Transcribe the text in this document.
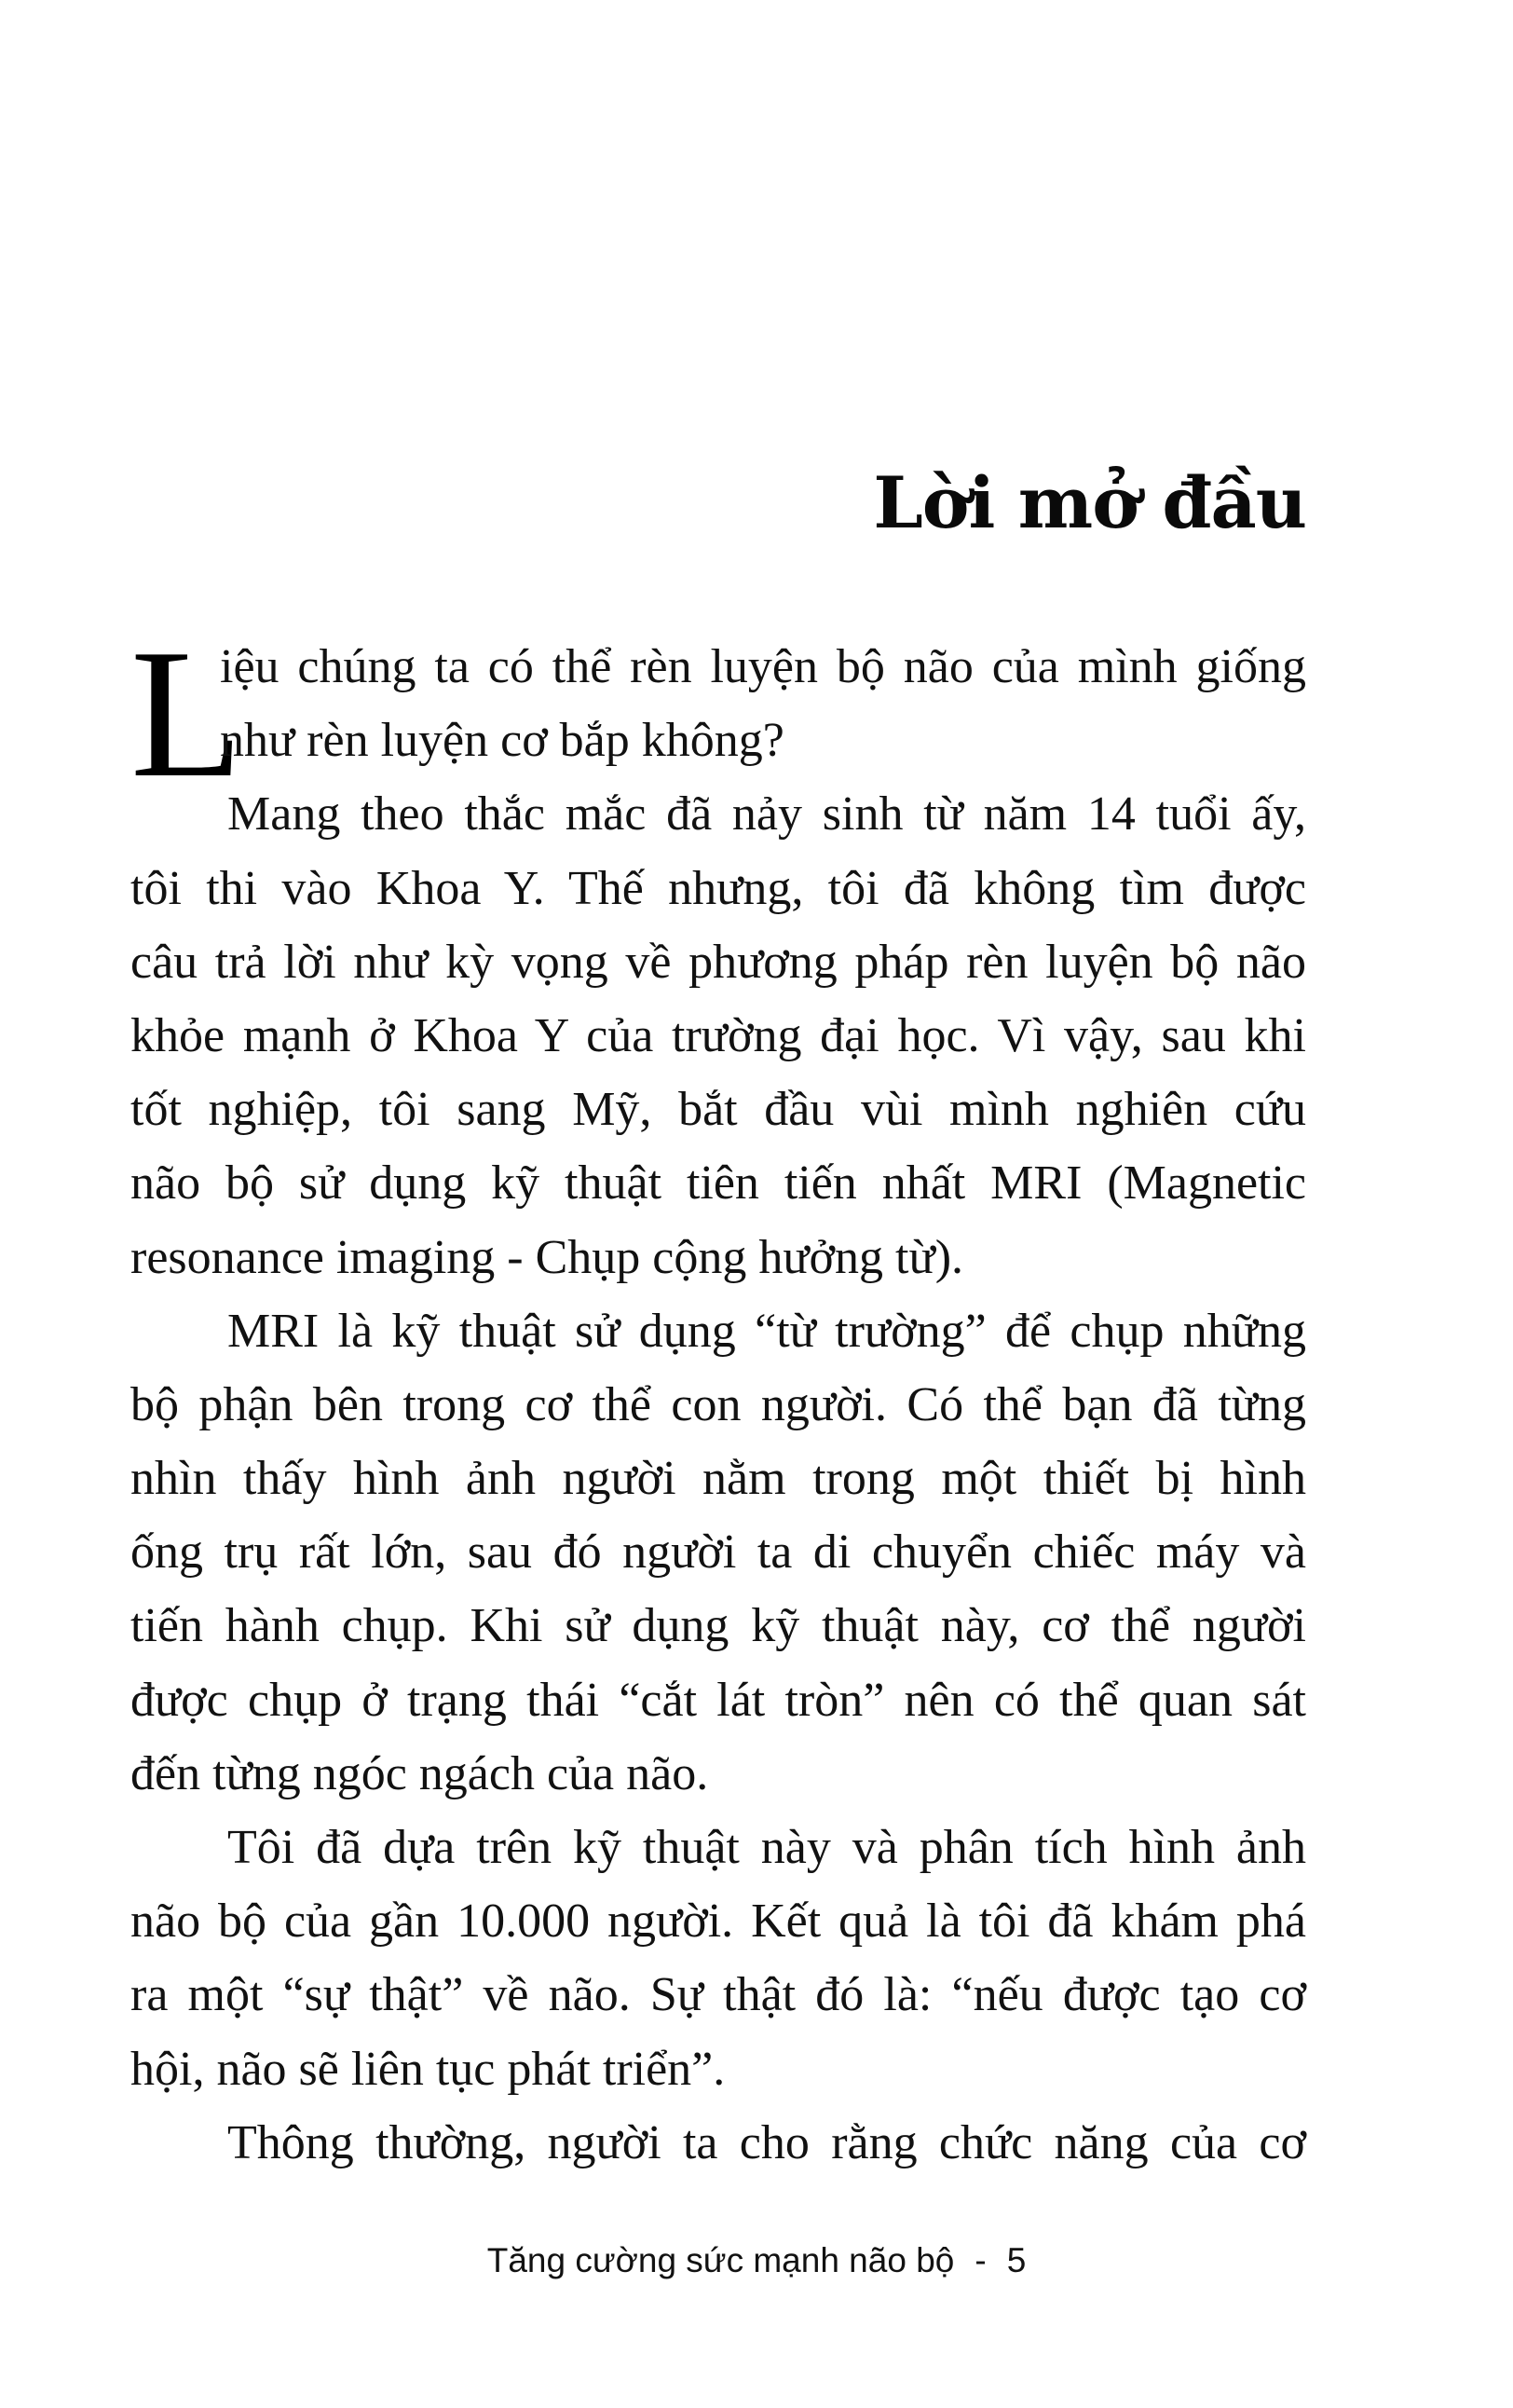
Lời mở đầu
L
iệu chúng ta có thể rèn luyện bộ não của mình giống
như rèn luyện cơ bắp không?
Mang theo thắc mắc đã nảy sinh từ năm 14 tuổi ấy,
tôi thi vào Khoa Y. Thế nhưng, tôi đã không tìm được
câu trả lời như kỳ vọng về phương pháp rèn luyện bộ não
khỏe mạnh ở Khoa Y của trường đại học. Vì vậy, sau khi
tốt nghiệp, tôi sang Mỹ, bắt đầu vùi mình nghiên cứu
não bộ sử dụng kỹ thuật tiên tiến nhất MRI (Magnetic
resonance imaging - Chụp cộng hưởng từ).
MRI là kỹ thuật sử dụng “từ trường” để chụp những
bộ phận bên trong cơ thể con người. Có thể bạn đã từng
nhìn thấy hình ảnh người nằm trong một thiết bị hình
ống trụ rất lớn, sau đó người ta di chuyển chiếc máy và
tiến hành chụp. Khi sử dụng kỹ thuật này, cơ thể người
được chụp ở trạng thái “cắt lát tròn” nên có thể quan sát
đến từng ngóc ngách của não.
Tôi đã dựa trên kỹ thuật này và phân tích hình ảnh
não bộ của gần 10.000 người. Kết quả là tôi đã khám phá
ra một “sự thật” về não. Sự thật đó là: “nếu được tạo cơ
hội, não sẽ liên tục phát triển”.
Thông thường, người ta cho rằng chức năng của cơ
Tăng cường sức mạnh não bộ - 5
